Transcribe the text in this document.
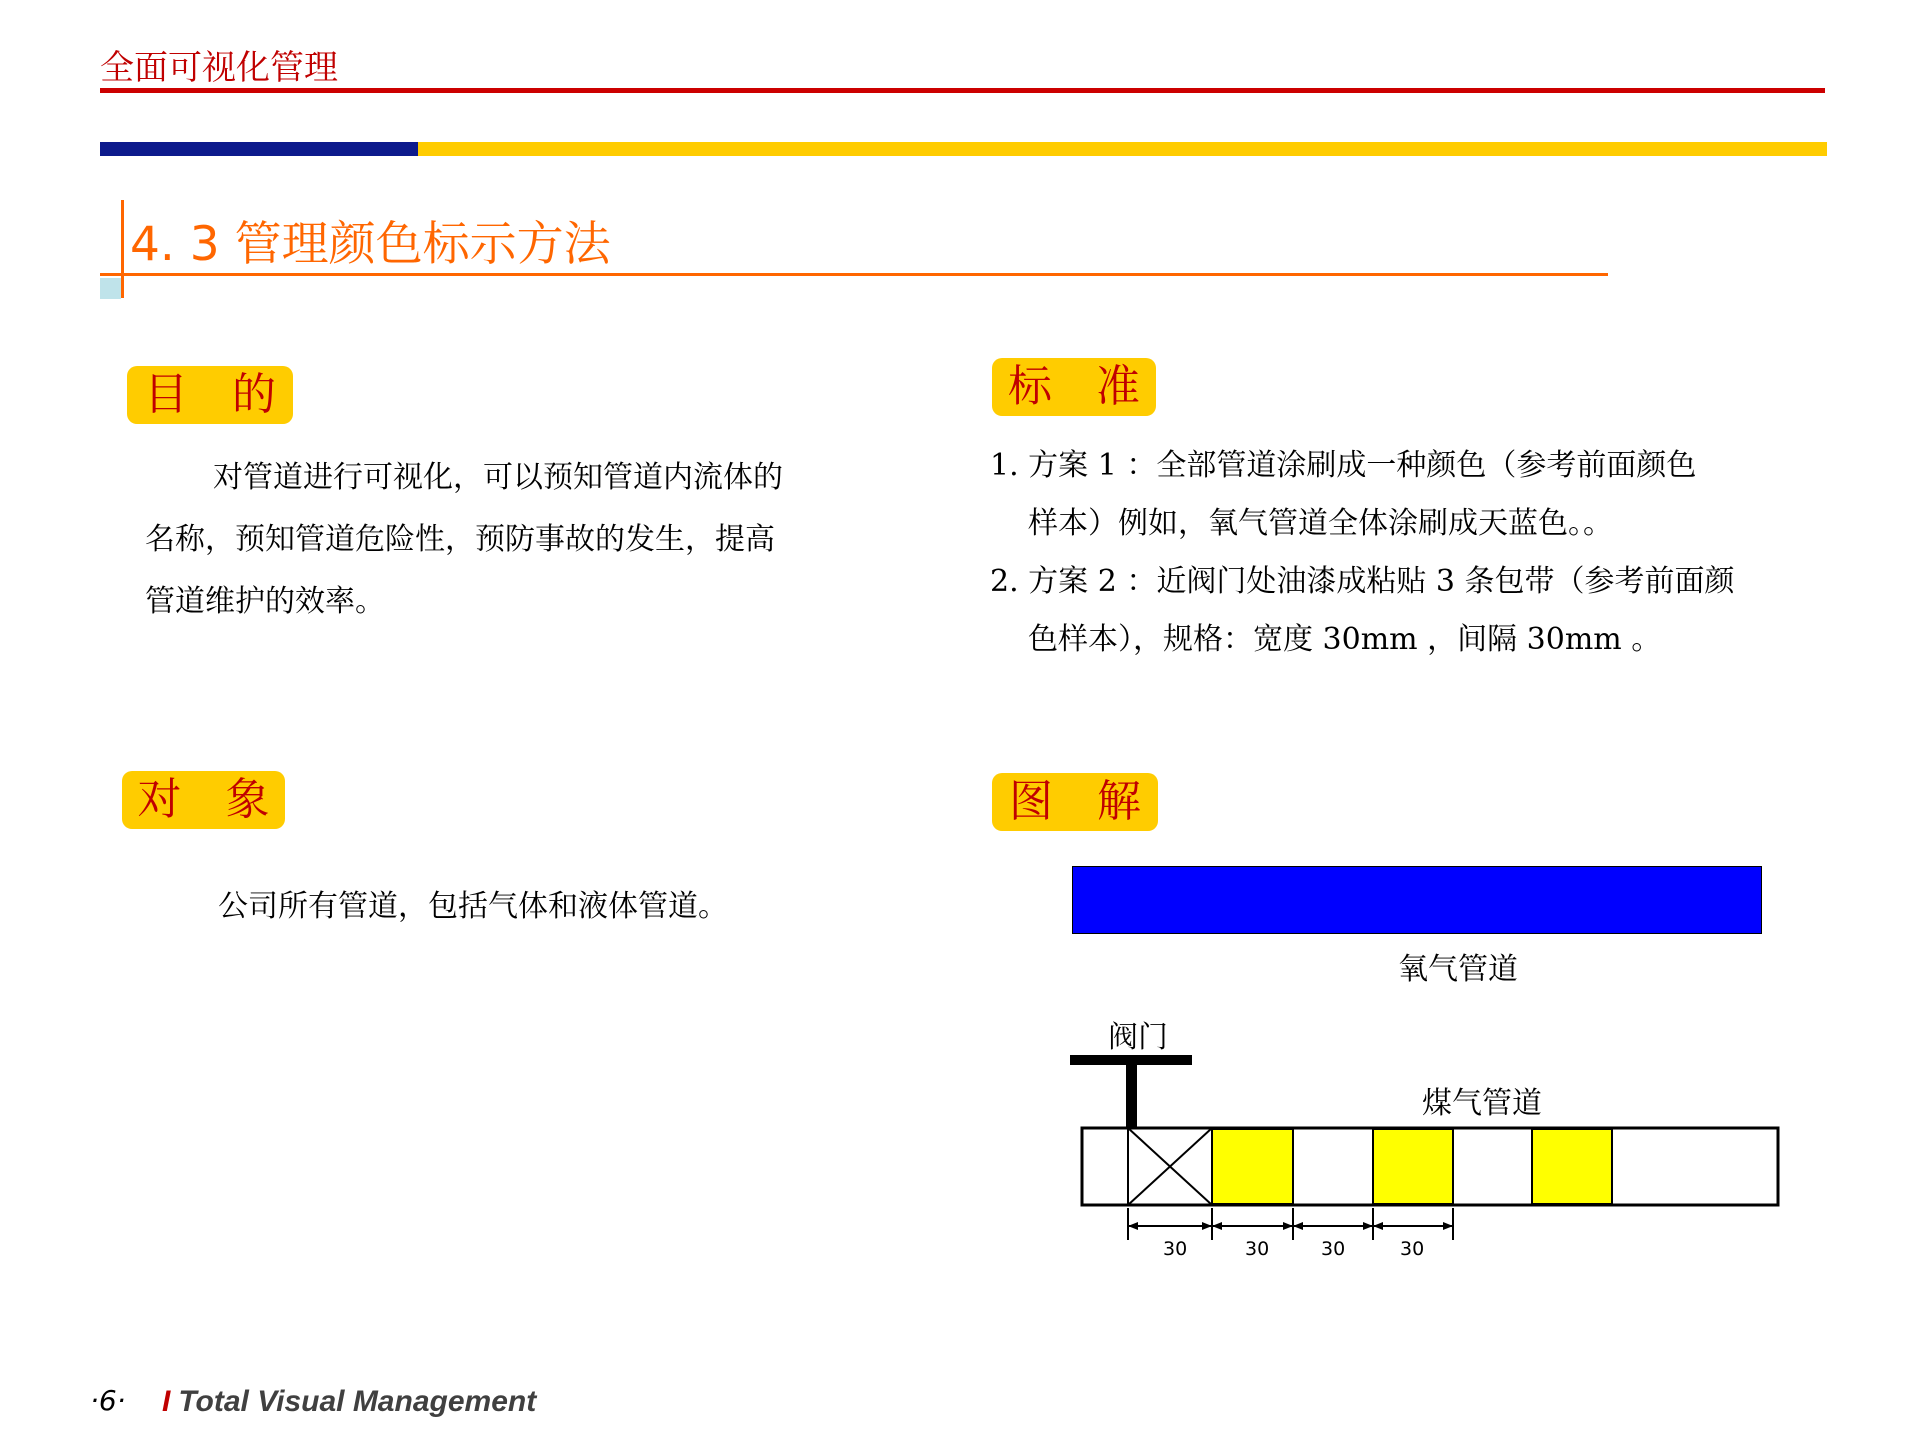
全面可视化管理
4. 3 管理颜色标示方法
目　的
对管道进行可视化，可以预知管道内流体的
名称，预知管道危险性，预防事故的发生，提高
管道维护的效率。
标　准
1. 方案 1 ：全部管道涂刷成一种颜色（参考前面颜色
样本）例如，氧气管道全体涂刷成天蓝色。。
2. 方案 2 ：近阀门处油漆成粘贴 3 条包带（参考前面颜
色样本），规格：宽度 30mm ，间隔 30mm 。
对　象
公司所有管道，包括气体和液体管道。
图　解
氧气管道
阀门
煤气管道
30	30	30	30
·6· I Total Visual Management
